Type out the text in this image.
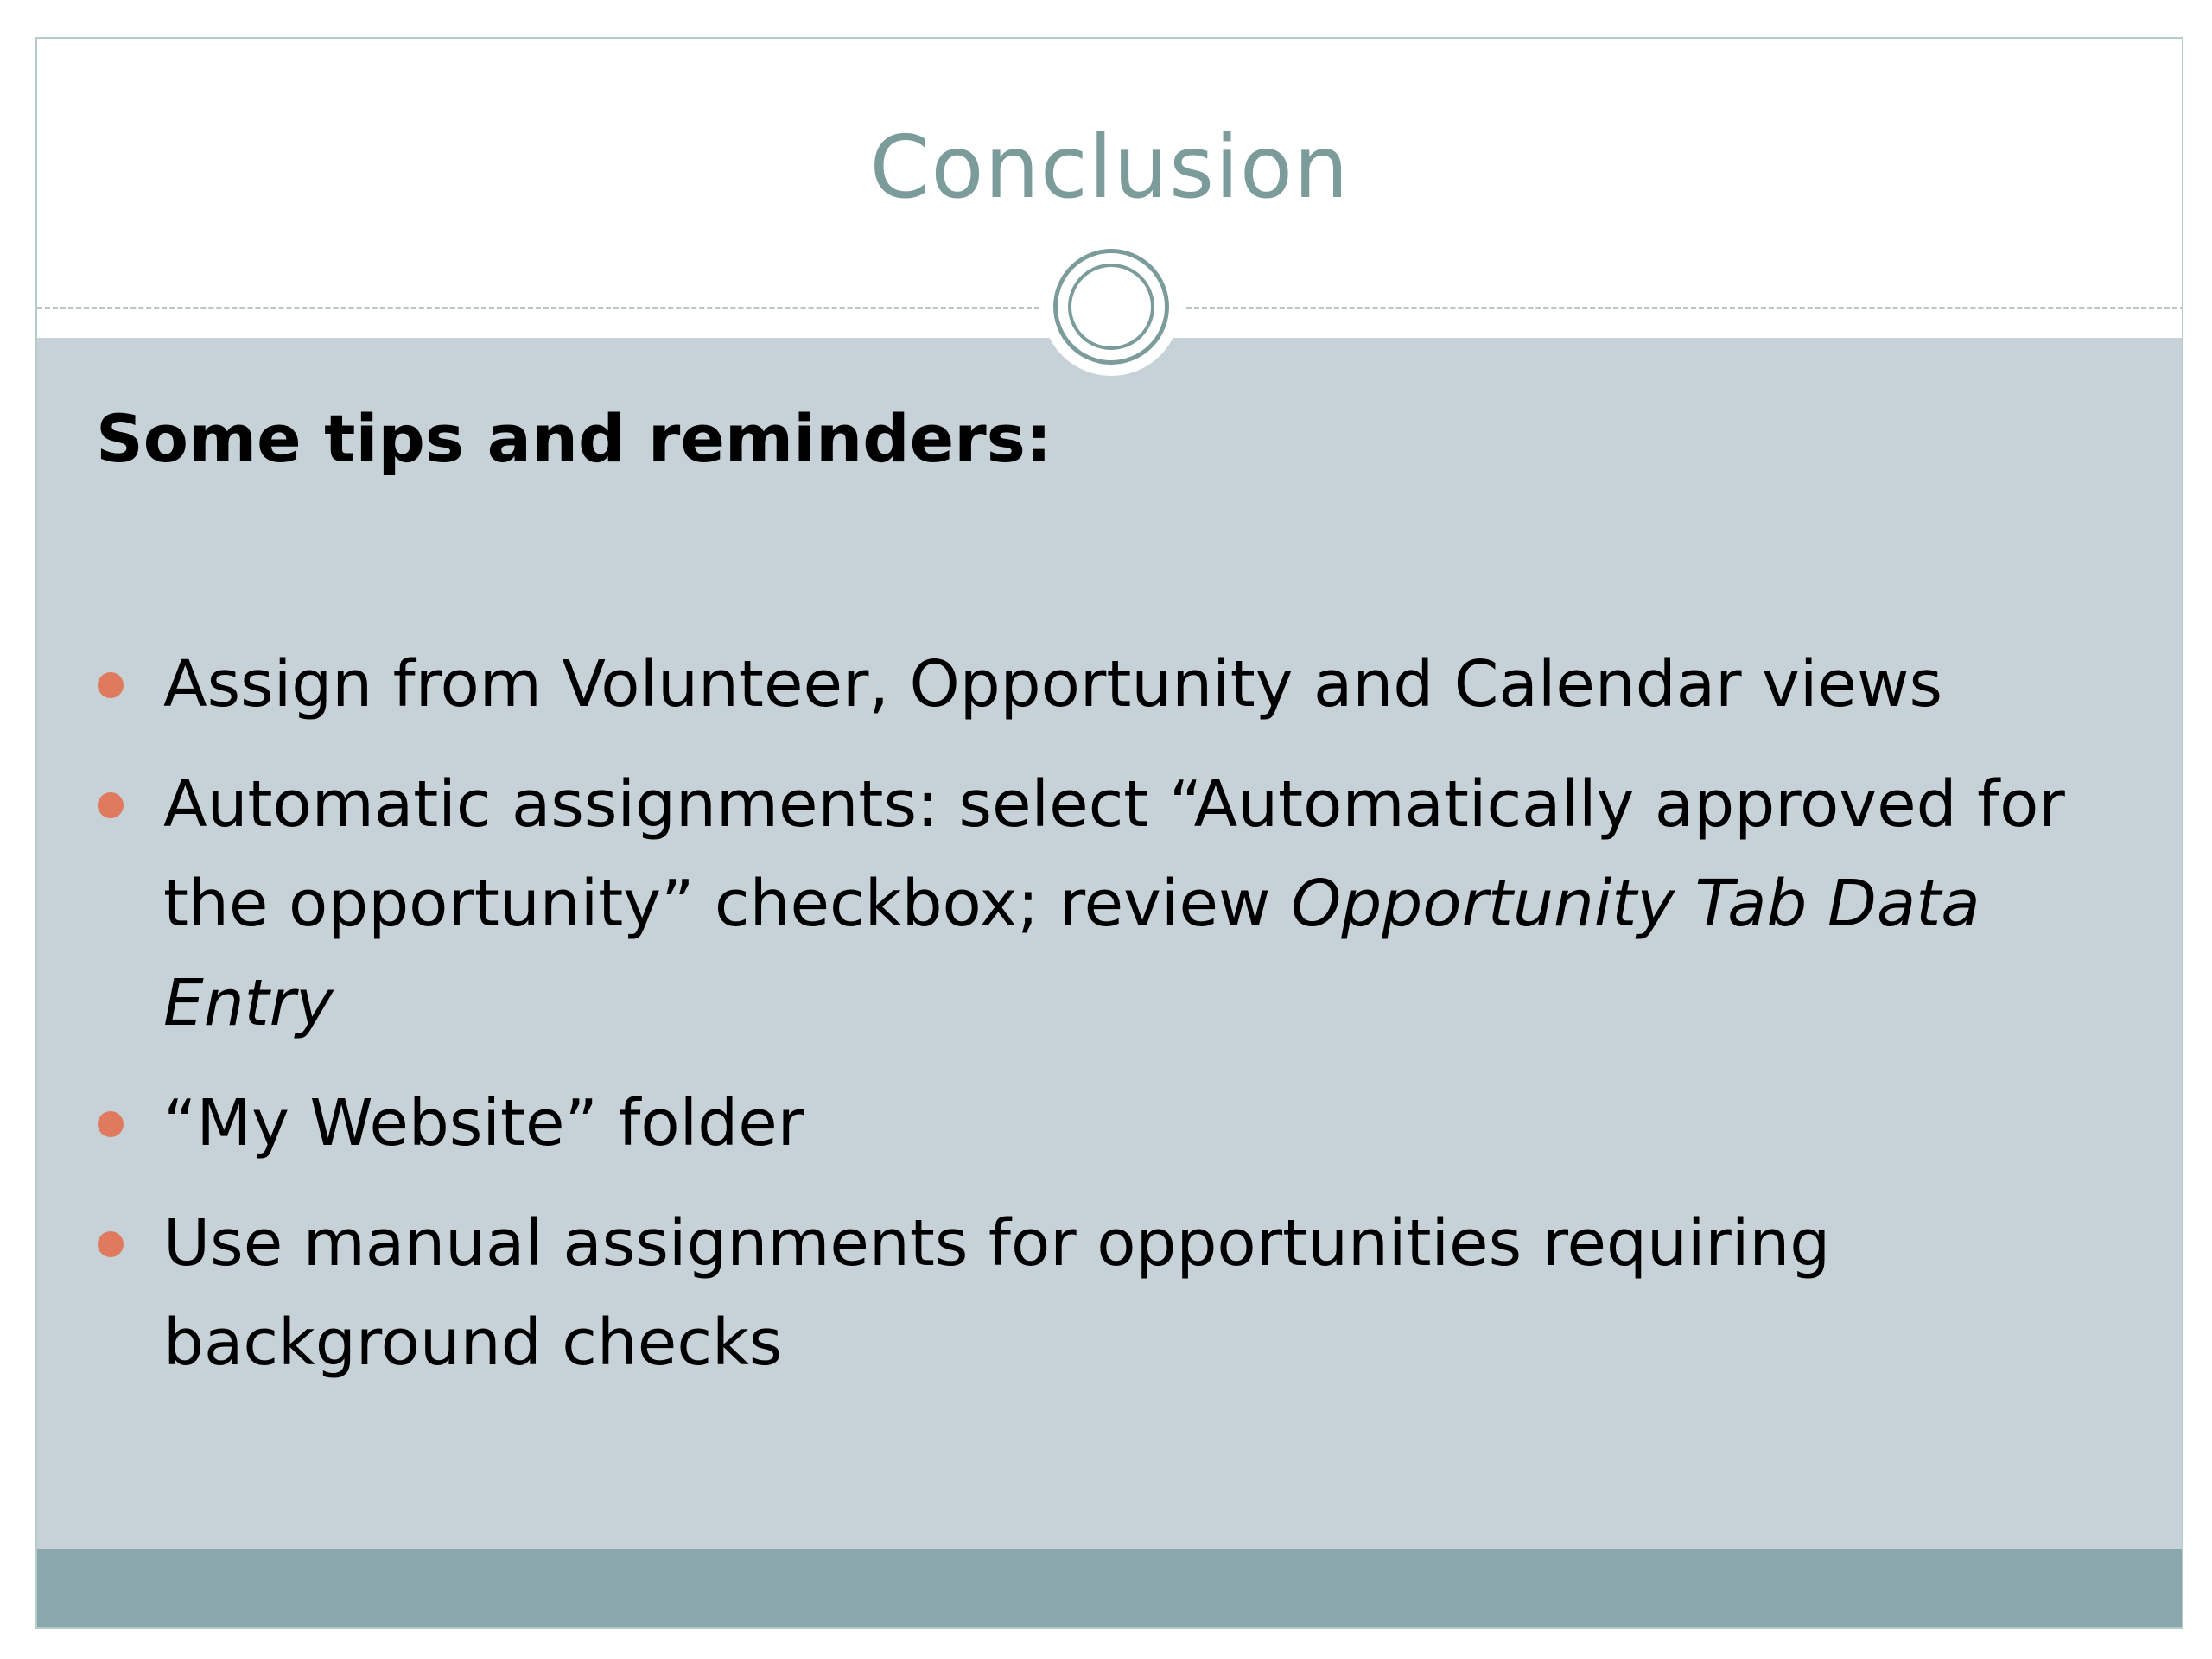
Conclusion
Some tips and reminders:
Assign from Volunteer, Opportunity and Calendar views
Automatic assignments: select “Automatically approved for the opportunity” checkbox; review Opportunity Tab Data Entry
“My Website” folder
Use manual assignments for opportunities requiring background checks
